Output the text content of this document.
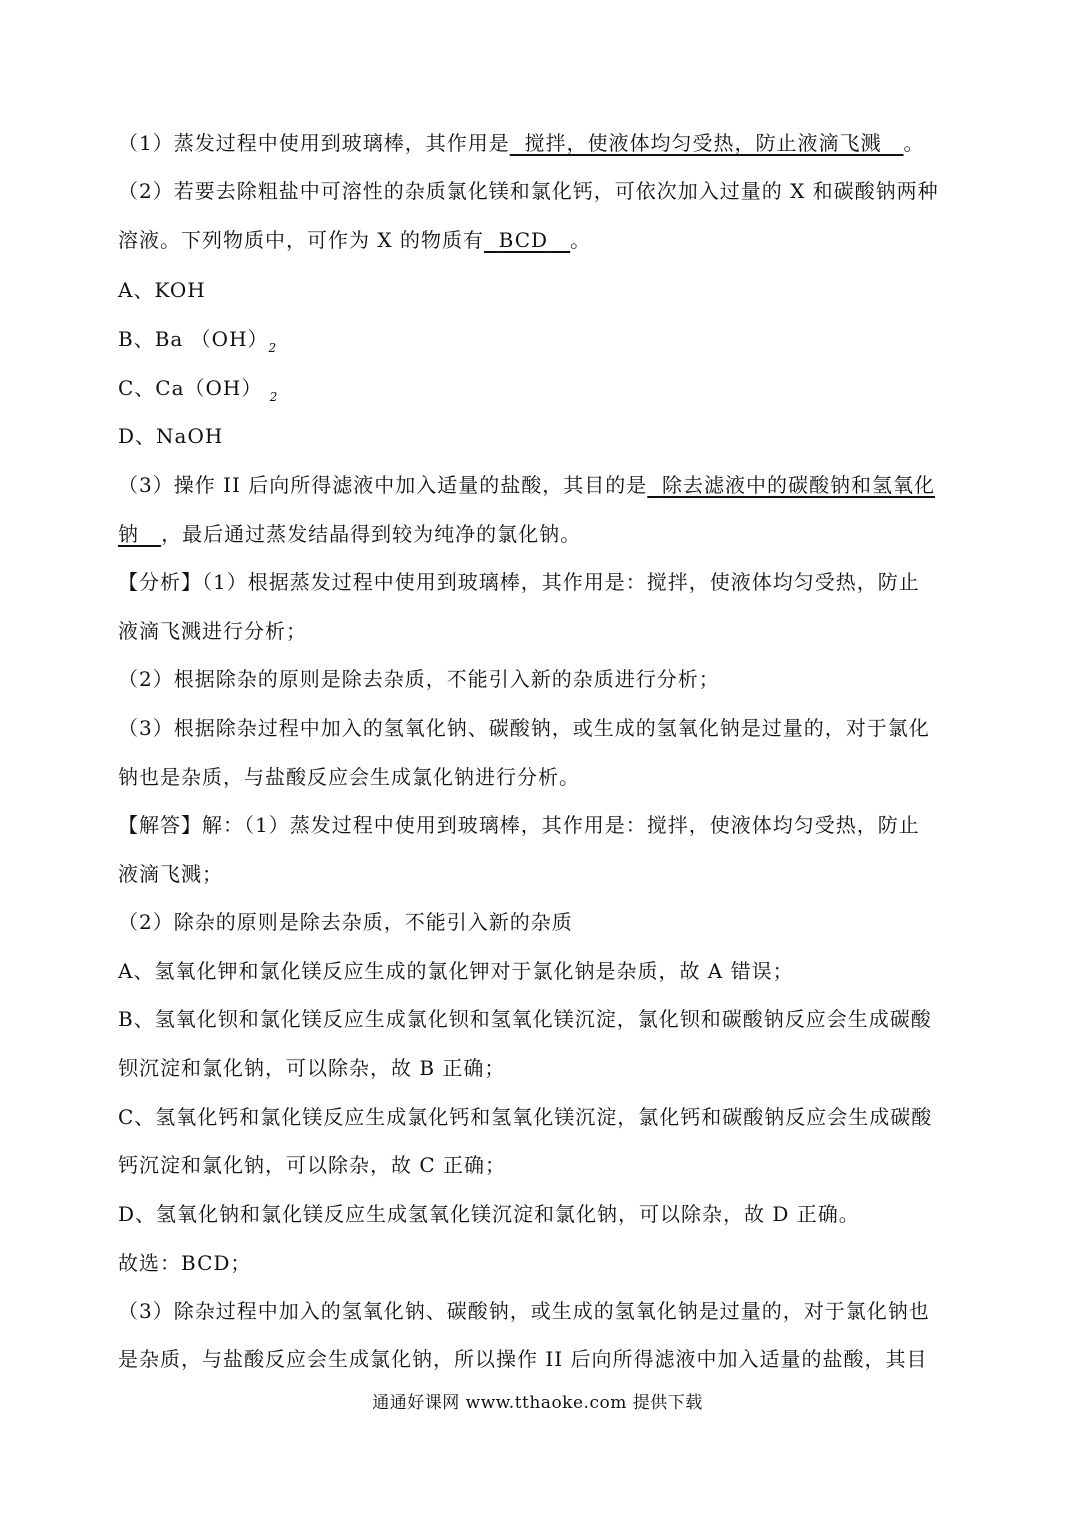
（1）蒸发过程中使用到玻璃棒，其作用是 搅拌，使液体均匀受热，防止液滴飞溅 。
（2）若要去除粗盐中可溶性的杂质氯化镁和氯化钙，可依次加入过量的 X 和碳酸钠两种
溶液。下列物质中，可作为 X 的物质有 BCD 。
A、KOH
B、Ba $(OH)_2$
C、Ca（OH） $_2$
D、NaOH
（3）操作 II 后向所得滤液中加入适量的盐酸，其目的是 除去滤液中的碳酸钠和氢氧化
钠 ，最后通过蒸发结晶得到较为纯净的氯化钠。
【分析】（1）根据蒸发过程中使用到玻璃棒，其作用是：搅拌，使液体均匀受热，防止
液滴飞溅进行分析；
（2）根据除杂的原则是除去杂质，不能引入新的杂质进行分析；
（3）根据除杂过程中加入的氢氧化钠、碳酸钠，或生成的氢氧化钠是过量的，对于氯化
钠也是杂质，与盐酸反应会生成氯化钠进行分析。
【解答】解：（1）蒸发过程中使用到玻璃棒，其作用是：搅拌，使液体均匀受热，防止
液滴飞溅；
（2）除杂的原则是除去杂质，不能引入新的杂质
A、氢氧化钾和氯化镁反应生成的氯化钾对于氯化钠是杂质，故 A 错误；
B、氢氧化钡和氯化镁反应生成氯化钡和氢氧化镁沉淀，氯化钡和碳酸钠反应会生成碳酸
钡沉淀和氯化钠，可以除杂，故 B 正确；
C、氢氧化钙和氯化镁反应生成氯化钙和氢氧化镁沉淀，氯化钙和碳酸钠反应会生成碳酸
钙沉淀和氯化钠，可以除杂，故 C 正确；
D、氢氧化钠和氯化镁反应生成氢氧化镁沉淀和氯化钠，可以除杂，故 D 正确。
故选：BCD；
（3）除杂过程中加入的氢氧化钠、碳酸钠，或生成的氢氧化钠是过量的，对于氯化钠也
是杂质，与盐酸反应会生成氯化钠，所以操作 II 后向所得滤液中加入适量的盐酸，其目
通通好课网 www.tthaoke.com 提供下载
